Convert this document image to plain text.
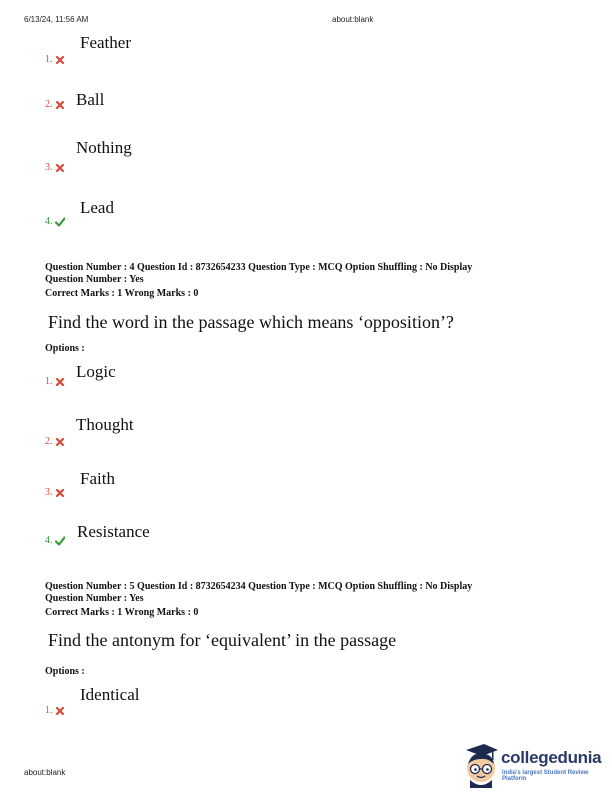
6/13/24, 11:56 AM	about:blank
Feather
1.
Ball
2.
Nothing
3.
Lead
4.
Question Number : 4 Question Id : 8732654233 Question Type : MCQ Option Shuffling : No Display
Question Number : Yes
Correct Marks : 1 Wrong Marks : 0
Find the word in the passage which means ‘opposition’?
Options :
Logic
1.
Thought
2.
Faith
3.
Resistance
4.
Question Number : 5 Question Id : 8732654234 Question Type : MCQ Option Shuffling : No Display
Question Number : Yes
Correct Marks : 1 Wrong Marks : 0
Find the antonym for ‘equivalent’ in the passage
Options :
Identical
1.
about:blank
collegedunia
India's largest Student Review Platform
